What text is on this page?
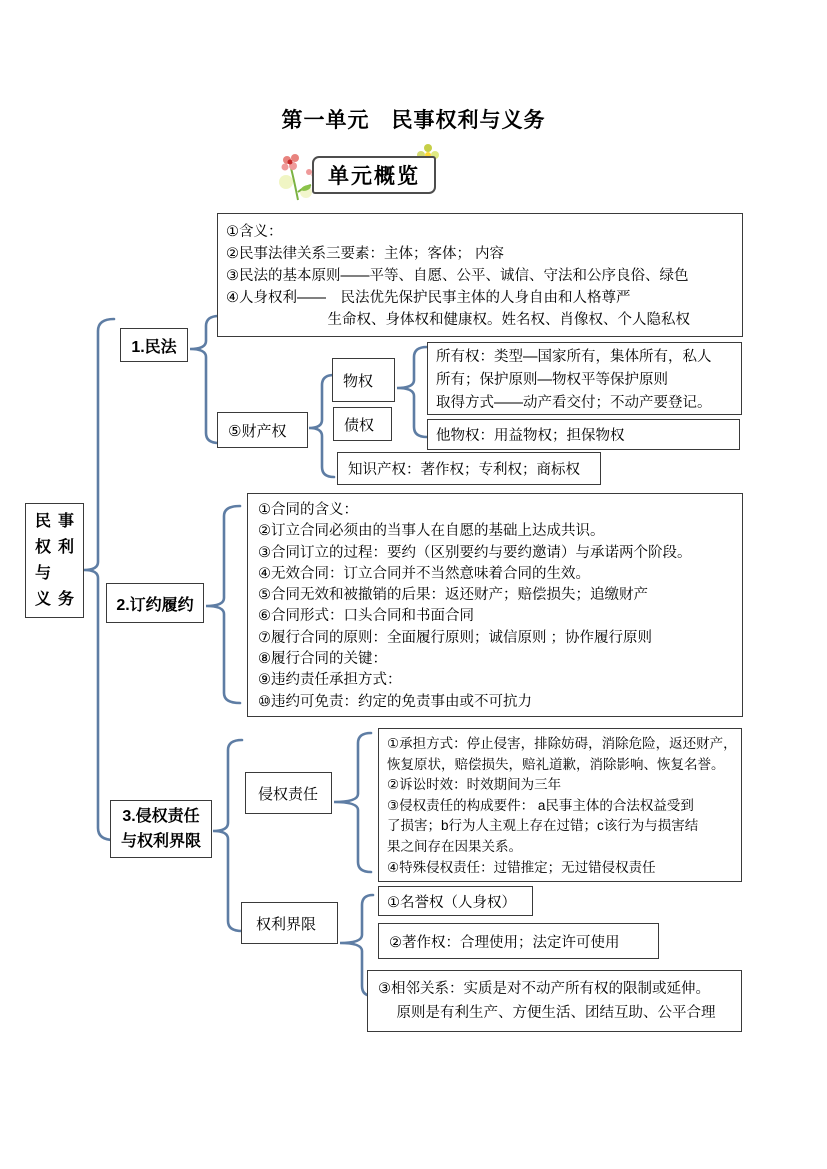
第一单元　民事权利与义务
单元概览
民事
权利
与
义务
①含义：
②民事法律关系三要素：主体；客体； 内容
③民法的基本原则——平等、自愿、公平、诚信、守法和公序良俗、绿色
④人身权利——　民法优先保护民事主体的人身自由和人格尊严
　　　　　　　生命权、身体权和健康权。姓名权、肖像权、个人隐私权
1.民法
⑤财产权
物权
债权
所有权：类型—国家所有，集体所有，私人
所有；保护原则—物权平等保护原则
取得方式——动产看交付；不动产要登记。
他物权：用益物权；担保物权
知识产权：著作权；专利权；商标权
①合同的含义：
②订立合同必须由的当事人在自愿的基础上达成共识。
③合同订立的过程：要约（区别要约与要约邀请）与承诺两个阶段。
④无效合同：订立合同并不当然意味着合同的生效。
⑤合同无效和被撤销的后果：返还财产；赔偿损失；追缴财产
⑥合同形式：口头合同和书面合同
⑦履行合同的原则：全面履行原则；诚信原则 ；协作履行原则
⑧履行合同的关键：
⑨违约责任承担方式：
⑩违约可免责：约定的免责事由或不可抗力
2.订约履约
①承担方式：停止侵害，排除妨碍，消除危险，返还财产，
恢复原状，赔偿损失，赔礼道歉，消除影响、恢复名誉。
②诉讼时效：时效期间为三年
③侵权责任的构成要件： a民事主体的合法权益受到
了损害；b行为人主观上存在过错；c该行为与损害结
果之间存在因果关系。
④特殊侵权责任：过错推定；无过错侵权责任
侵权责任
3.侵权责任
与权利界限
权利界限
①名誉权（人身权）
②著作权：合理使用；法定许可使用
③相邻关系：实质是对不动产所有权的限制或延伸。
　 原则是有利生产、方便生活、团结互助、公平合理
